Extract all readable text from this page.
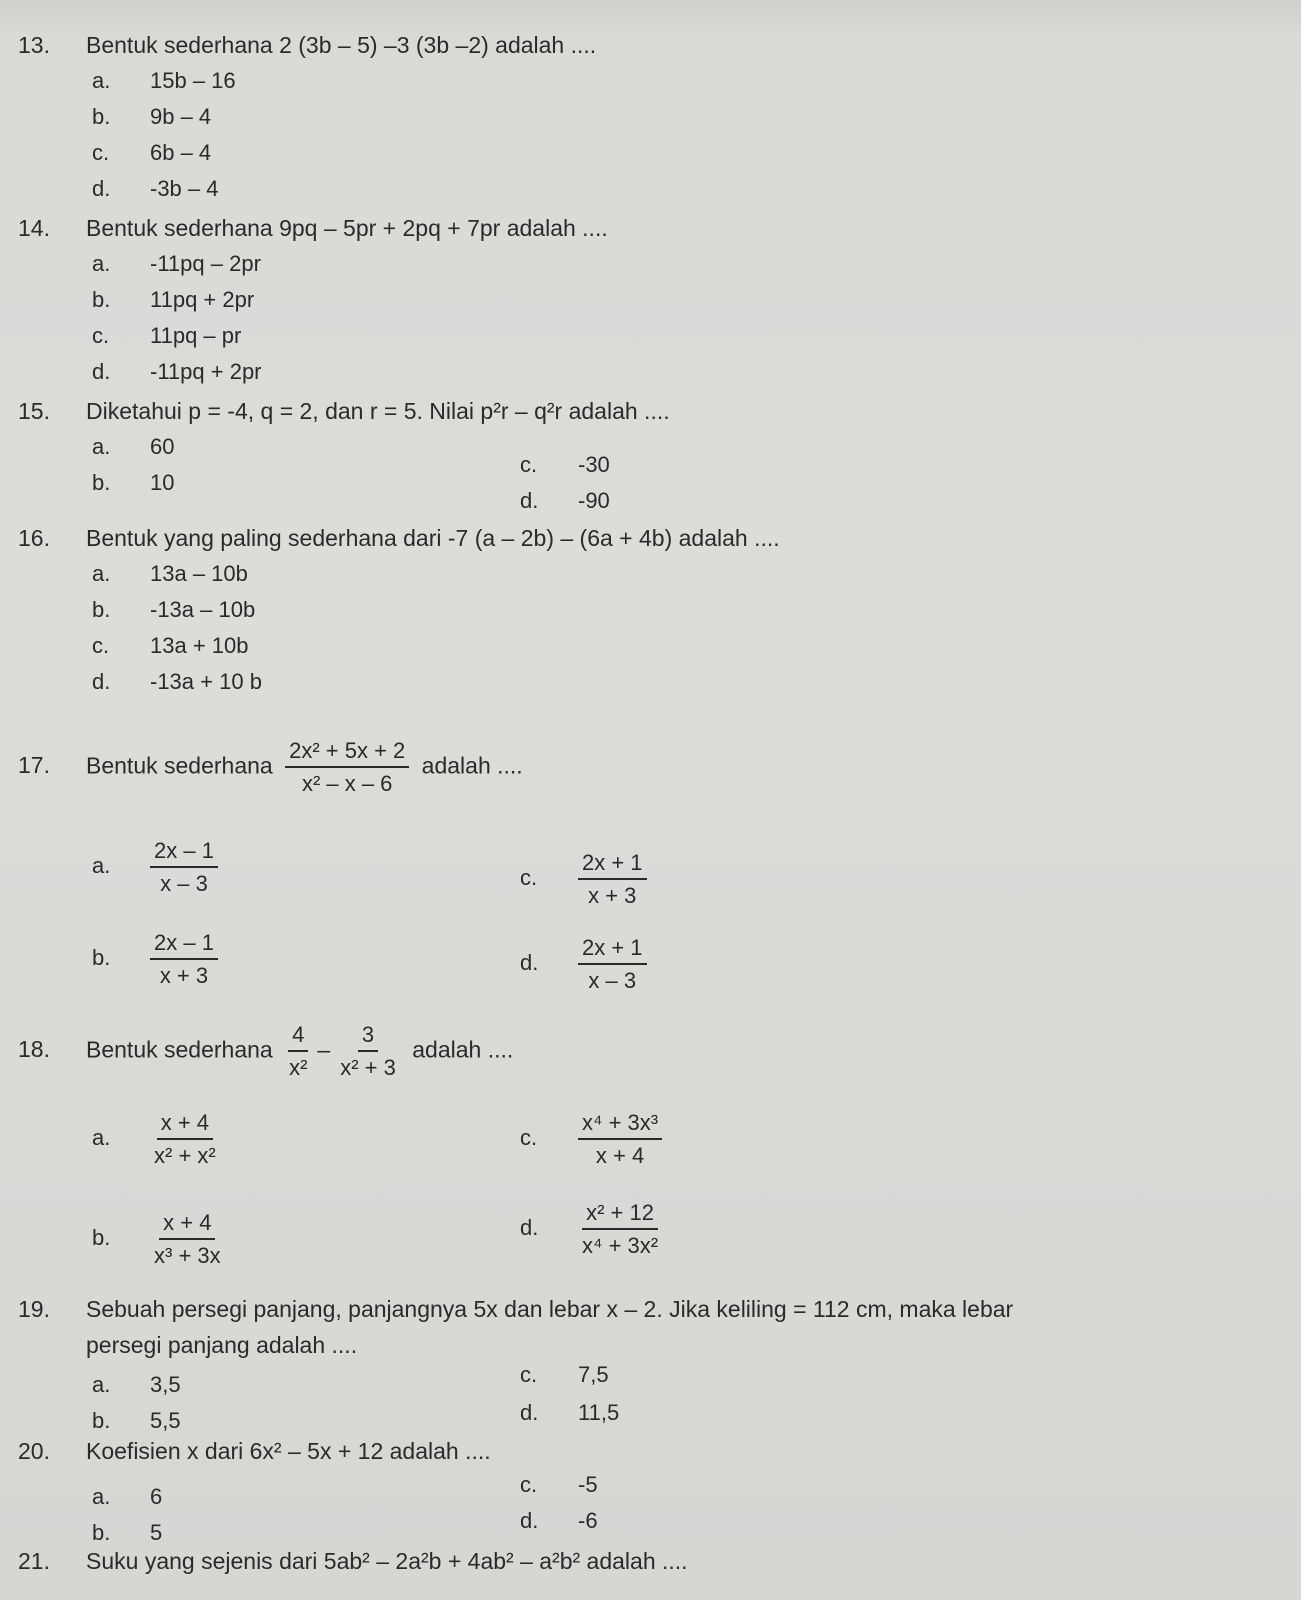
13. Bentuk sederhana 2 (3b – 5) –3 (3b –2) adalah ....
a. 15b – 16
b. 9b – 4
c. 6b – 4
d. -3b – 4
14. Bentuk sederhana 9pq – 5pr + 2pq + 7pr adalah ....
a. -11pq – 2pr
b. 11pq + 2pr
c. 11pq – pr
d. -11pq + 2pr
15. Diketahui p = -4, q = 2, dan r = 5. Nilai p²r – q²r adalah ....
a. 60
b. 10
c. -30
d. -90
16. Bentuk yang paling sederhana dari -7 (a – 2b) – (6a + 4b) adalah ....
a. 13a – 10b
b. -13a – 10b
c. 13a + 10b
d. -13a + 10 b
17. Bentuk sederhana $\frac{\text{2x² + 5x + 2}}{\text{x² – x – 6}}$ adalah ....
a. $\frac{2x - 1}{x - 3}$
b. $\frac{2x - 1}{x + 3}$
c. $\frac{2x + 1}{x + 3}$
d. $\frac{2x + 1}{x - 3}$
18. Bentuk sederhana $\frac{4}{\text{x²}} - \frac{3}{\text{x² + 3}}$ adalah ....
a. $\frac{x + 4}{\text{x² + x²}}$
b. $\frac{x + 4}{\text{x³ + 3x}}$
c. $\frac{\text{x⁴ + 3x³}}{x + 4}$
d. $\frac{\text{x² + 12}}{\text{x⁴ + 3x²}}$
19. Sebuah persegi panjang, panjangnya 5x dan lebar x – 2. Jika keliling = 112 cm, maka lebar
persegi panjang adalah ....
a. 3,5
b. 5,5
c. 7,5
d. 11,5
20. Koefisien x dari 6x² – 5x + 12 adalah ....
a. 6
b. 5
c. -5
d. -6
21. Suku yang sejenis dari 5ab² – 2a²b + 4ab² – a²b² adalah ....
